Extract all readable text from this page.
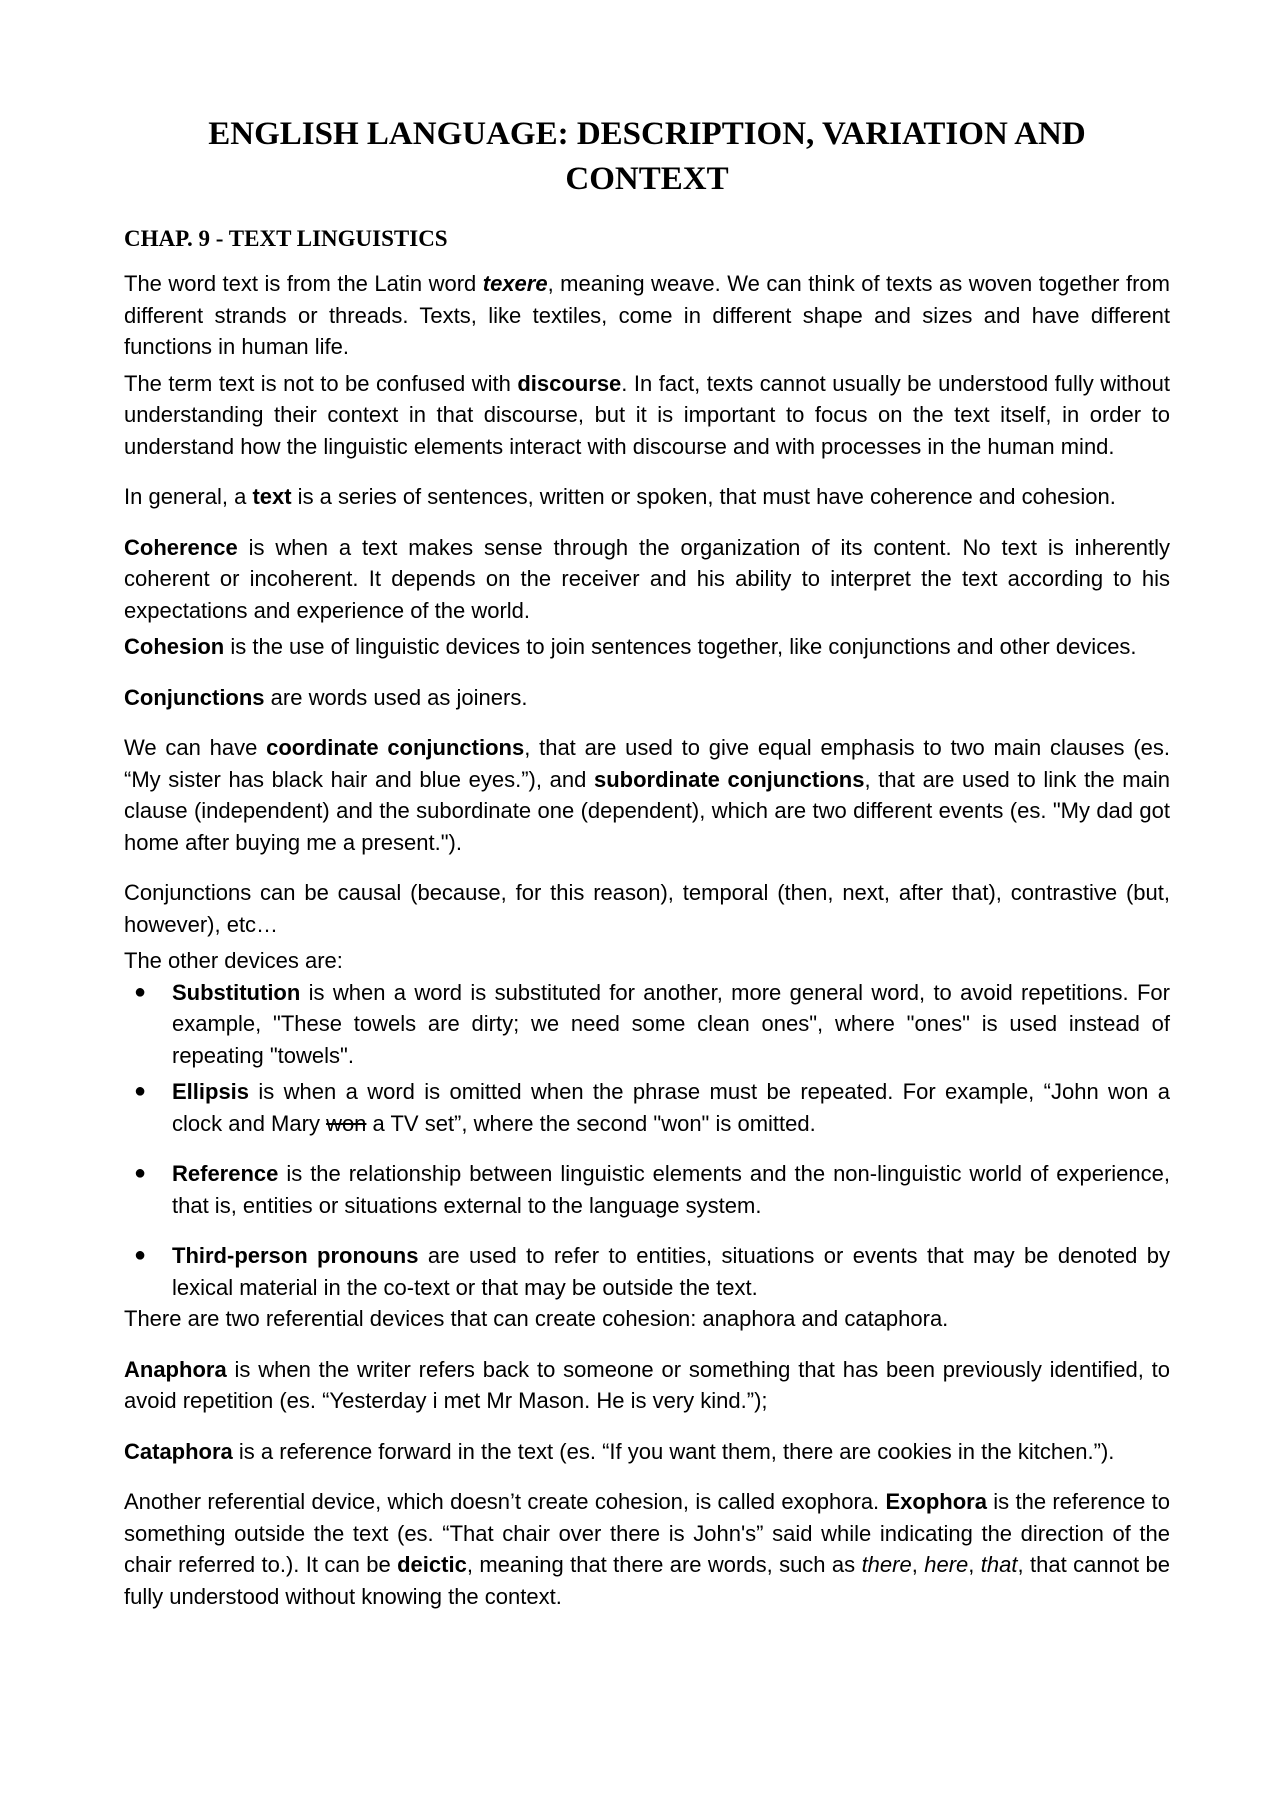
ENGLISH LANGUAGE: DESCRIPTION, VARIATION AND CONTEXT
CHAP. 9 - TEXT LINGUISTICS

The word text is from the Latin word texere, meaning weave. We can think of texts as woven together from different strands or threads. Texts, like textiles, come in different shape and sizes and have different functions in human life.

The term text is not to be confused with discourse. In fact, texts cannot usually be understood fully without understanding their context in that discourse, but it is important to focus on the text itself, in order to understand how the linguistic elements interact with discourse and with processes in the human mind.

In general, a text is a series of sentences, written or spoken, that must have coherence and cohesion.

Coherence is when a text makes sense through the organization of its content. No text is inherently coherent or incoherent. It depends on the receiver and his ability to interpret the text according to his expectations and experience of the world.

Cohesion is the use of linguistic devices to join sentences together, like conjunctions and other devices.

Conjunctions are words used as joiners.

We can have coordinate conjunctions, that are used to give equal emphasis to two main clauses (es. “My sister has black hair and blue eyes.”), and subordinate conjunctions, that are used to link the main clause (independent) and the subordinate one (dependent), which are two different events (es. "My dad got home after buying me a present.").

Conjunctions can be causal (because, for this reason), temporal (then, next, after that), contrastive (but, however), etc…

The other devices are:

● Substitution is when a word is substituted for another, more general word, to avoid repetitions. For example, "These towels are dirty; we need some clean ones", where "ones" is used instead of repeating "towels".
● Ellipsis is when a word is omitted when the phrase must be repeated. For example, “John won a clock and Mary won a TV set”, where the second "won" is omitted.
● Reference is the relationship between linguistic elements and the non-linguistic world of experience, that is, entities or situations external to the language system.
● Third-person pronouns are used to refer to entities, situations or events that may be denoted by lexical material in the co-text or that may be outside the text.

There are two referential devices that can create cohesion: anaphora and cataphora.

Anaphora is when the writer refers back to someone or something that has been previously identified, to avoid repetition (es. “Yesterday i met Mr Mason. He is very kind.”);

Cataphora is a reference forward in the text (es. “If you want them, there are cookies in the kitchen.”).

Another referential device, which doesn’t create cohesion, is called exophora. Exophora is the reference to something outside the text (es. “That chair over there is John's” said while indicating the direction of the chair referred to.). It can be deictic, meaning that there are words, such as there, here, that, that cannot be fully understood without knowing the context.
